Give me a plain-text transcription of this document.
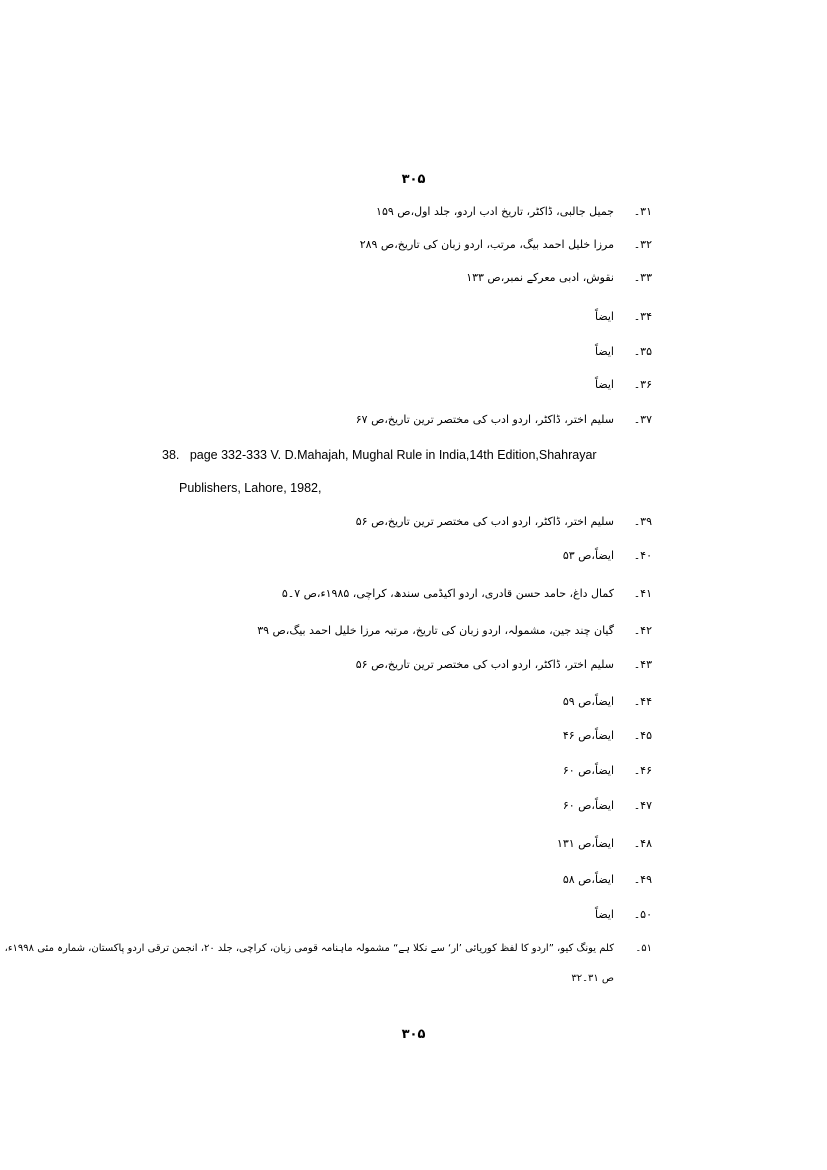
۳۰۵
۳۱۔
جمیل جالبی، ڈاکٹر، تاریخ ادب اردو، جلد اول،ص ۱۵۹
۳۲۔
مرزا خلیل احمد بیگ، مرتب، اردو زبان کی تاریخ،ص ۲۸۹
۳۳۔
نقوش، ادبی معرکے نمبر،ص ۱۳۳
۳۴۔
ایضاً
۳۵۔
ایضاً
۳۶۔
ایضاً
۳۷۔
سلیم اختر، ڈاکٹر، اردو ادب کی مختصر ترین تاریخ،ص ۶۷
38. page 332-333 V. D.Mahajah, Mughal Rule in India,14th Edition,Shahrayar
Publishers, Lahore, 1982,
۳۹۔
سلیم اختر، ڈاکٹر، اردو ادب کی مختصر ترین تاریخ،ص ۵۶
۴۰۔
ایضاً،ص ۵۳
۴۱۔
کمال داغ، حامد حسن قادری، اردو اکیڈمی سندھ، کراچی، ۱۹۸۵ء،ص ۷۔۵
۴۲۔
گیان چند جین، مشمولہ، اردو زبان کی تاریخ، مرتبہ مرزا خلیل احمد بیگ،ص ۳۹
۴۳۔
سلیم اختر، ڈاکٹر، اردو ادب کی مختصر ترین تاریخ،ص ۵۶
۴۴۔
ایضاً،ص ۵۹
۴۵۔
ایضاً،ص ۴۶
۴۶۔
ایضاً،ص ۶۰
۴۷۔
ایضاً،ص ۶۰
۴۸۔
ایضاً،ص ۱۳۱
۴۹۔
ایضاً،ص ۵۸
۵۰۔
ایضاً
۵۱۔
کلم یونگ کیو، ”اردو کا لفظ کوریائی ’ار‘ سے نکلا ہے“ مشمولہ ماہنامہ قومی زبان، کراچی، جلد ۲۰، انجمن ترقی اردو پاکستان، شمارہ مئی ۱۹۹۸ء،
ص ۳۱۔۳۲
۳۰۵
